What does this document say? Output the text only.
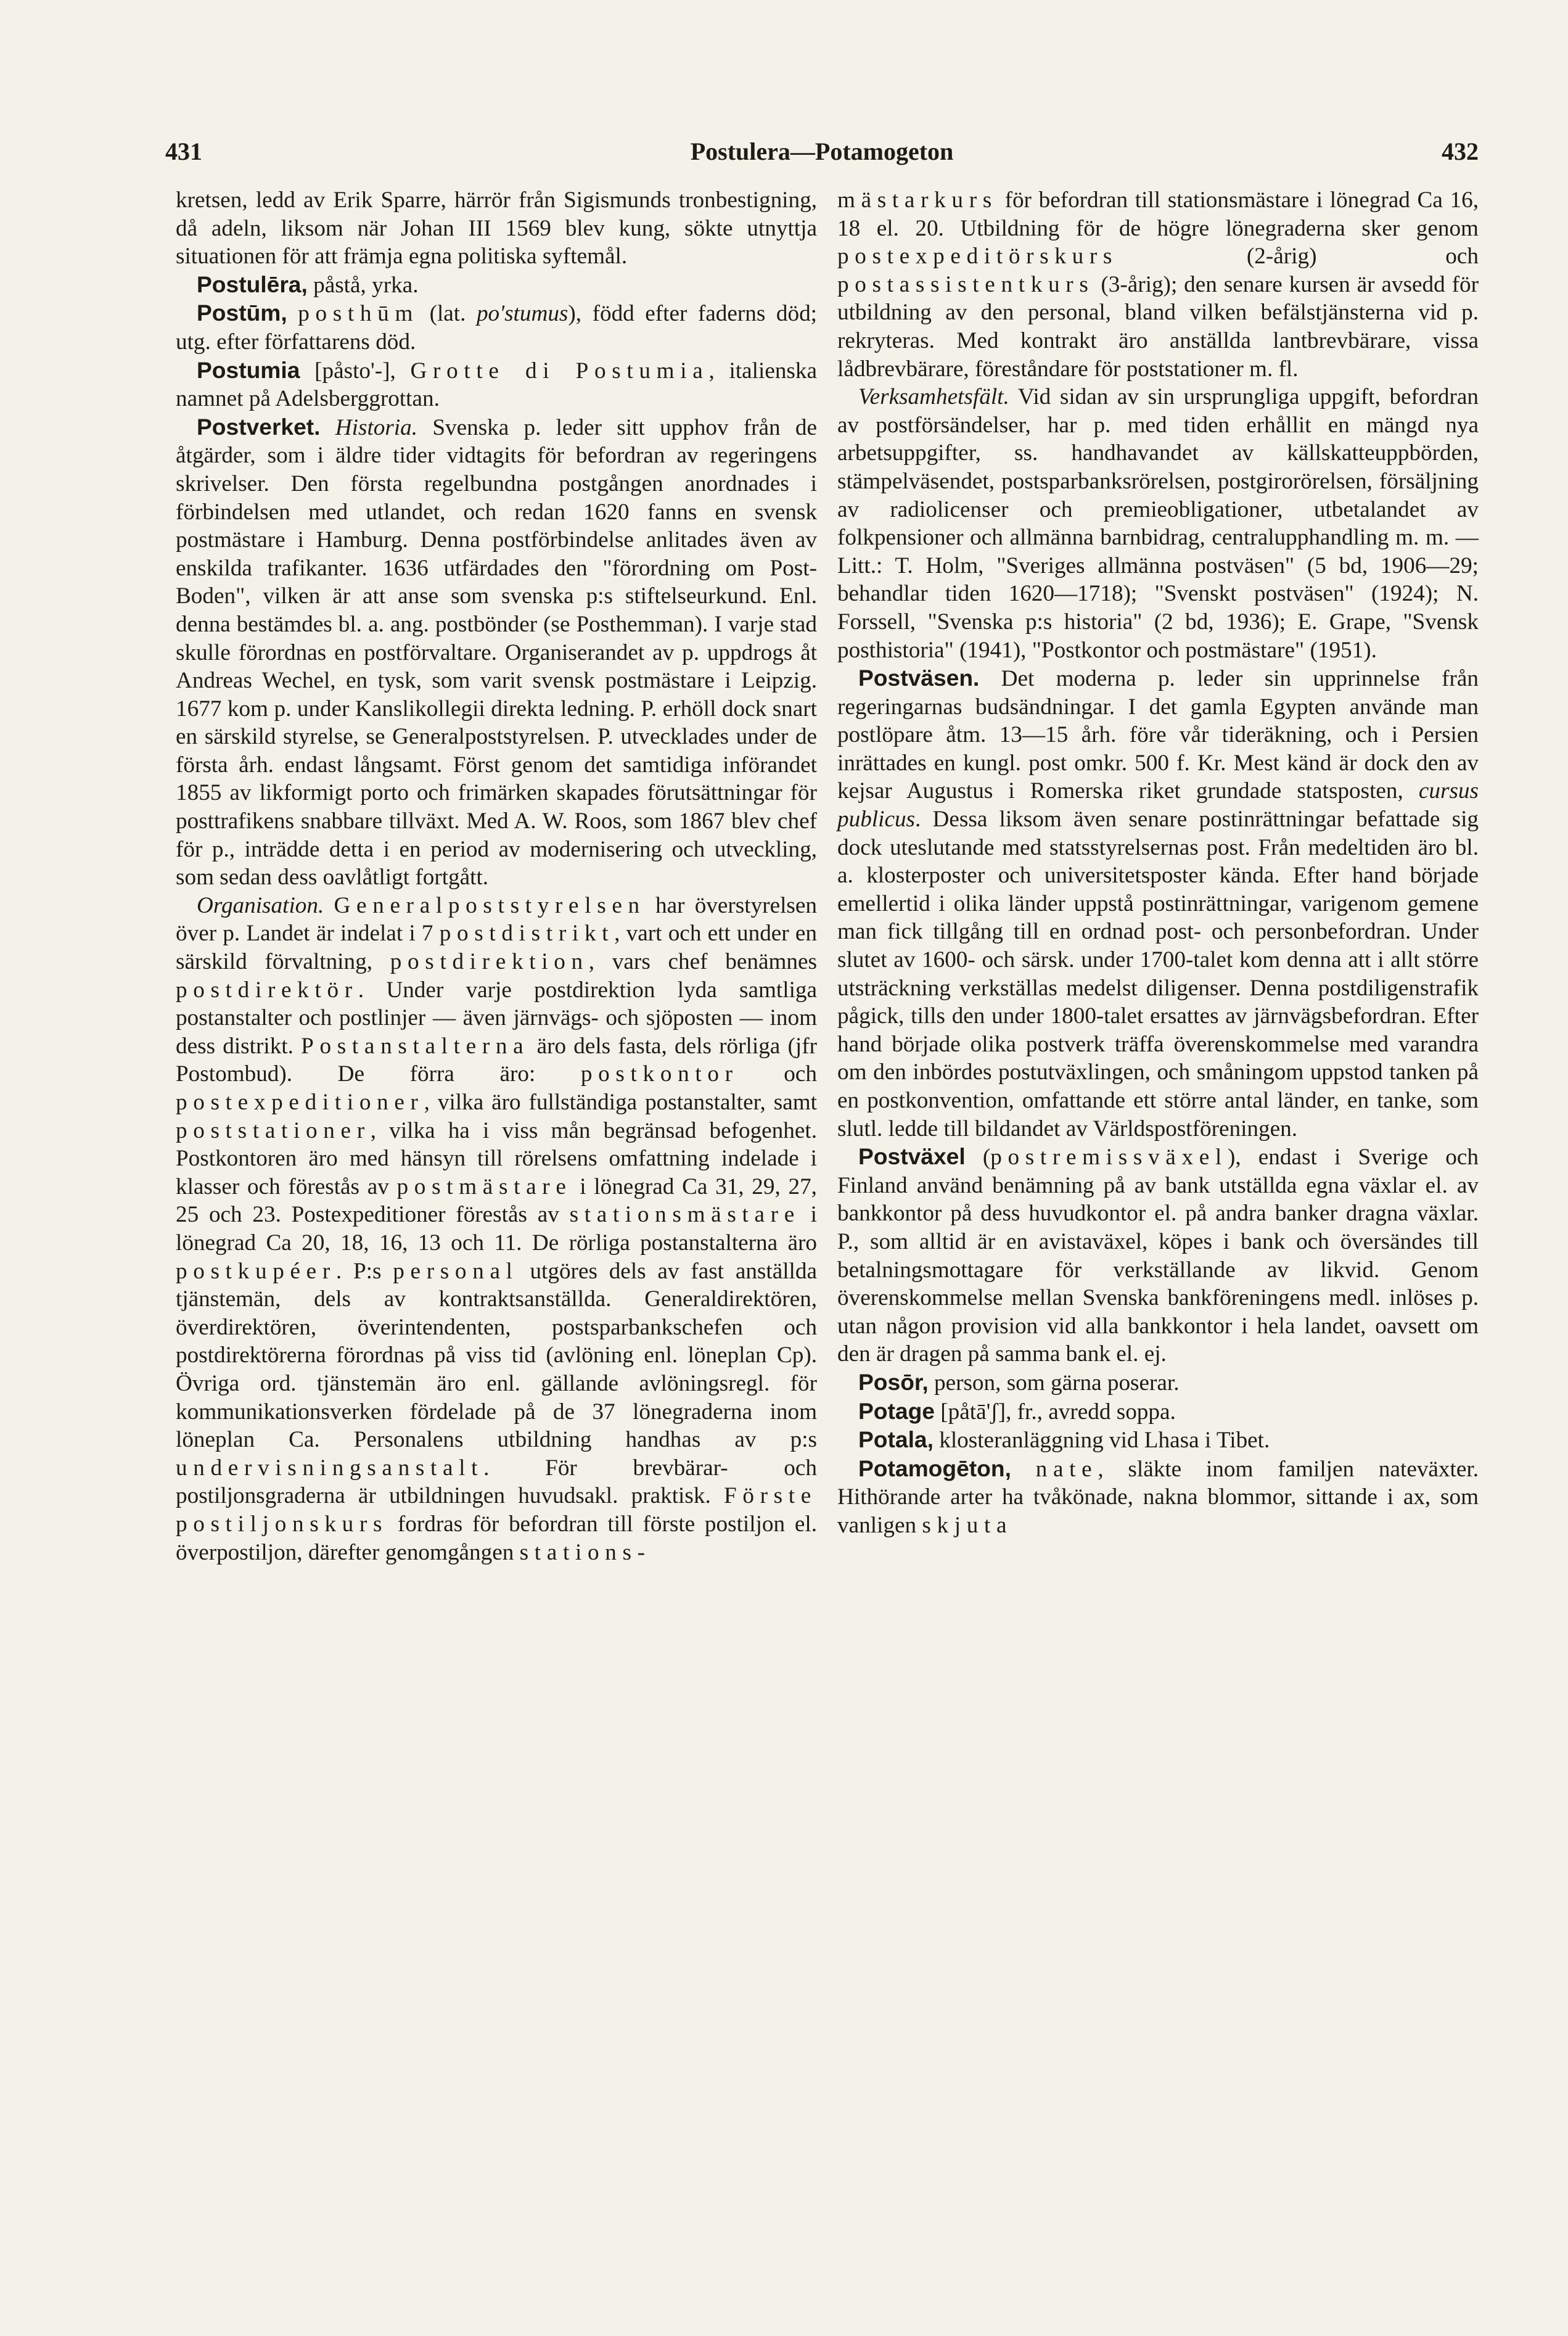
431	Postulera—Potamogeton	432

kretsen, ledd av Erik Sparre, härrör från Sigismunds tronbestigning, då adeln, liksom när Johan III 1569 blev kung, sökte utnyttja situationen för att främja egna politiska syftemål.

Postulēra, påstå, yrka.

Postūm, posthūm (lat. po'stumus), född efter faderns död; utg. efter författarens död.

Postumia [påsto'-], Grotte di Postumia, italienska namnet på Adelsberggrottan.

Postverket. Historia. Svenska p. leder sitt upphov från de åtgärder, som i äldre tider vidtagits för befordran av regeringens skrivelser. Den första regelbundna postgången anordnades i förbindelsen med utlandet, och redan 1620 fanns en svensk postmästare i Hamburg. Denna postförbindelse anlitades även av enskilda trafikanter. 1636 utfärdades den "förordning om Post-Boden", vilken är att anse som svenska p:s stiftelseurkund. Enl. denna bestämdes bl. a. ang. postbönder (se Posthemman). I varje stad skulle förordnas en postförvaltare. Organiserandet av p. uppdrogs åt Andreas Wechel, en tysk, som varit svensk postmästare i Leipzig. 1677 kom p. under Kanslikollegii direkta ledning. P. erhöll dock snart en särskild styrelse, se Generalpoststyrelsen. P. utvecklades under de första årh. endast långsamt. Först genom det samtidiga införandet 1855 av likformigt porto och frimärken skapades förutsättningar för posttrafikens snabbare tillväxt. Med A. W. Roos, som 1867 blev chef för p., inträdde detta i en period av modernisering och utveckling, som sedan dess oavlåtligt fortgått.

Organisation. Generalpoststyrelsen har överstyrelsen över p. Landet är indelat i 7 postdistrikt, vart och ett under en särskild förvaltning, postdirektion, vars chef benämnes postdirektör. Under varje postdirektion lyda samtliga postanstalter och postlinjer — även järnvägs- och sjöposten — inom dess distrikt. Postanstalterna äro dels fasta, dels rörliga (jfr Postombud). De förra äro: postkontor och postexpeditioner, vilka äro fullständiga postanstalter, samt poststationer, vilka ha i viss mån begränsad befogenhet. Postkontoren äro med hänsyn till rörelsens omfattning indelade i klasser och förestås av postmästare i lönegrad Ca 31, 29, 27, 25 och 23. Postexpeditioner förestås av stationsmästare i lönegrad Ca 20, 18, 16, 13 och 11. De rörliga postanstalterna äro postkupéer. P:s personal utgöres dels av fast anställda tjänstemän, dels av kontraktsanställda. Generaldirektören, överdirektören, överintendenten, postsparbankschefen och postdirektörerna förordnas på viss tid (avlöning enl. löneplan Cp). Övriga ord. tjänstemän äro enl. gällande avlöningsregl. för kommunikationsverken fördelade på de 37 lönegraderna inom löneplan Ca. Personalens utbildning handhas av p:s undervisningsanstalt. För brevbärar- och postiljonsgraderna är utbildningen huvudsakl. praktisk. Förste postiljonskurs fordras för befordran till förste postiljon el. överpostiljon, därefter genomgången stations-

mästarkurs för befordran till stationsmästare i lönegrad Ca 16, 18 el. 20. Utbildning för de högre lönegraderna sker genom postexpeditörskurs (2-årig) och postassistentkurs (3-årig); den senare kursen är avsedd för utbildning av den personal, bland vilken befälstjänsterna vid p. rekryteras. Med kontrakt äro anställda lantbrevbärare, vissa lådbrevbärare, föreståndare för poststationer m. fl.

Verksamhetsfält. Vid sidan av sin ursprungliga uppgift, befordran av postförsändelser, har p. med tiden erhållit en mängd nya arbetsuppgifter, ss. handhavandet av källskatteuppbörden, stämpelväsendet, postsparbanksrörelsen, postgirorörelsen, försäljning av radiolicenser och premieobligationer, utbetalandet av folkpensioner och allmänna barnbidrag, centralupphandling m. m. — Litt.: T. Holm, "Sveriges allmänna postväsen" (5 bd, 1906—29; behandlar tiden 1620—1718); "Svenskt postväsen" (1924); N. Forssell, "Svenska p:s historia" (2 bd, 1936); E. Grape, "Svensk posthistoria" (1941), "Postkontor och postmästare" (1951).

Postväsen. Det moderna p. leder sin upprinnelse från regeringarnas budsändningar. I det gamla Egypten använde man postlöpare åtm. 13—15 årh. före vår tideräkning, och i Persien inrättades en kungl. post omkr. 500 f. Kr. Mest känd är dock den av kejsar Augustus i Romerska riket grundade statsposten, cursus publicus. Dessa liksom även senare postinrättningar befattade sig dock uteslutande med statsstyrelsernas post. Från medeltiden äro bl. a. klosterposter och universitetsposter kända. Efter hand började emellertid i olika länder uppstå postinrättningar, varigenom gemene man fick tillgång till en ordnad post- och personbefordran. Under slutet av 1600- och särsk. under 1700-talet kom denna att i allt större utsträckning verkställas medelst diligenser. Denna postdiligenstrafik pågick, tills den under 1800-talet ersattes av järnvägsbefordran. Efter hand började olika postverk träffa överenskommelse med varandra om den inbördes postutväxlingen, och småningom uppstod tanken på en postkonvention, omfattande ett större antal länder, en tanke, som slutl. ledde till bildandet av Världspostföreningen.

Postväxel (postremissväxel), endast i Sverige och Finland använd benämning på av bank utställda egna växlar el. av bankkontor på dess huvudkontor el. på andra banker dragna växlar. P., som alltid är en avistaväxel, köpes i bank och översändes till betalningsmottagare för verkställande av likvid. Genom överenskommelse mellan Svenska bankföreningens medl. inlöses p. utan någon provision vid alla bankkontor i hela landet, oavsett om den är dragen på samma bank el. ej.

Posōr, person, som gärna poserar.

Potage [påtā'ʃ], fr., avredd soppa.

Potala, klosteranläggning vid Lhasa i Tibet.

Potamogēton, nate, släkte inom familjen nateväxter. Hithörande arter ha tvåkönade, nakna blommor, sittande i ax, som vanligen skjuta
